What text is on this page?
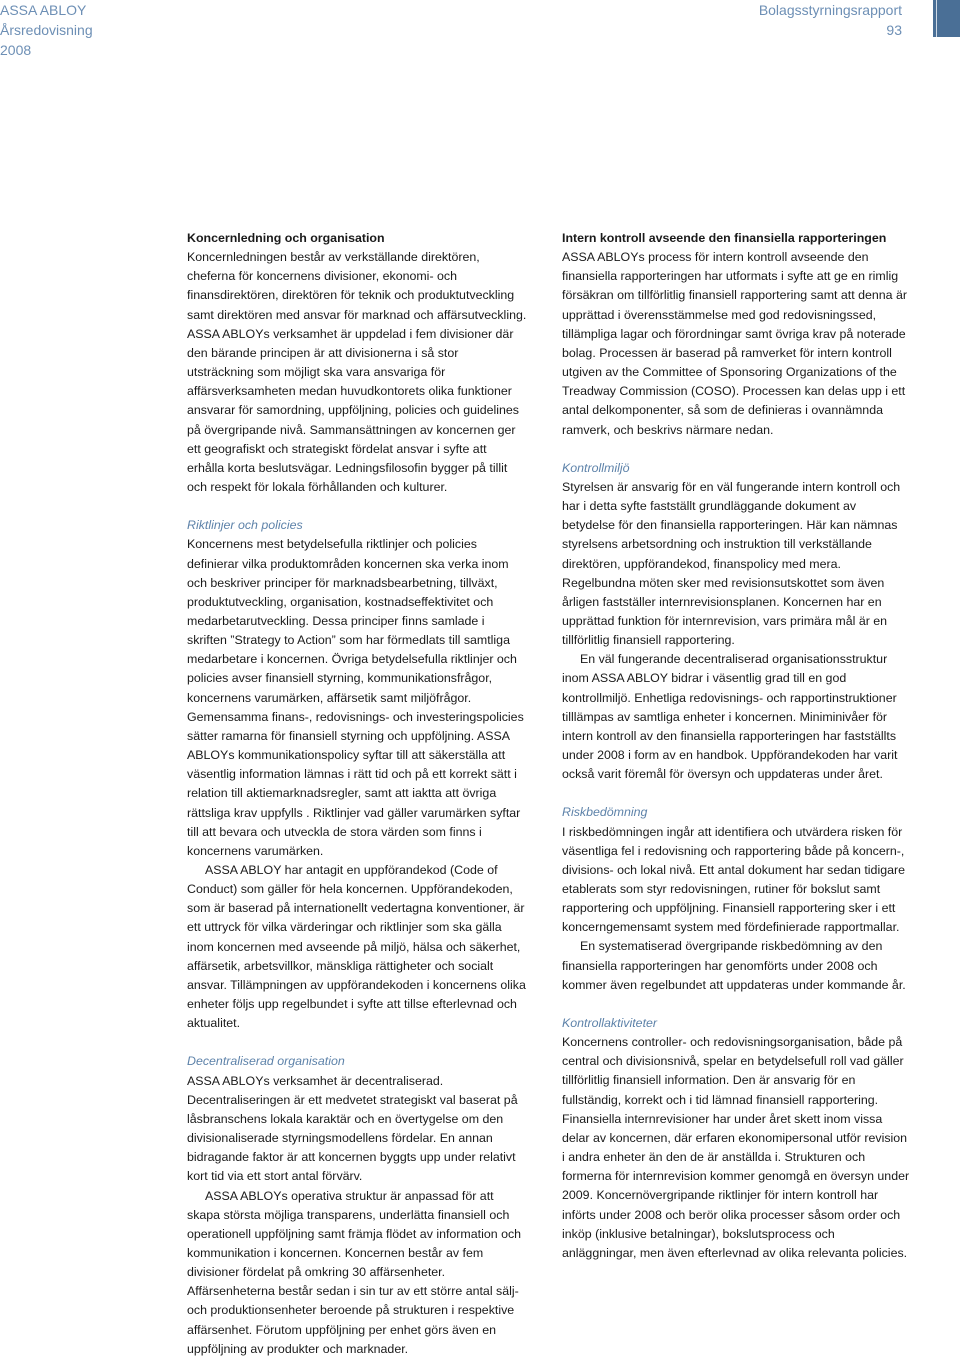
ASSA ABLOY
Årsredovisning
2008
Bolagsstyrningsrapport
93

Koncernledning och organisation

Koncernledningen består av verkställande direktören, cheferna för koncernens divisioner, ekonomi- och finansdirektören, direktören för teknik och produktutveckling samt direktören med ansvar för marknad och affärsutveckling. ASSA ABLOYs verksamhet är uppdelad i fem divisioner där den bärande principen är att divisionerna i så stor utsträckning som möjligt ska vara ansvariga för affärsverksamheten medan huvudkontorets olika funktioner ansvarar för samordning, uppföljning, policies och guidelines på övergripande nivå. Sammansättningen av koncernen ger ett geografiskt och strategiskt fördelat ansvar i syfte att erhålla korta beslutsvägar. Ledningsfilosofin bygger på tillit och respekt för lokala förhållanden och kulturer.

Riktlinjer och policies

Koncernens mest betydelsefulla riktlinjer och policies definierar vilka produktområden koncernen ska verka inom och beskriver principer för marknadsbearbetning, tillväxt, produktutveckling, organisation, kostnadseffektivitet och medarbetarutveckling. Dessa principer finns samlade i skriften ”Strategy to Action” som har förmedlats till samtliga medarbetare i koncernen. Övriga betydelsefulla riktlinjer och policies avser finansiell styrning, kommunikationsfrågor, koncernens varumärken, affärsetik samt miljöfrågor. Gemensamma finans-, redovisnings- och investeringspolicies sätter ramarna för finansiell styrning och uppföljning. ASSA ABLOYs kommunikationspolicy syftar till att säkerställa att väsentlig information lämnas i rätt tid och på ett korrekt sätt i relation till aktiemarknadsregler, samt att iaktta att övriga rättsliga krav uppfylls . Riktlinjer vad gäller varumärken syftar till att bevara och utveckla de stora värden som finns i koncernens varumärken.

ASSA ABLOY har antagit en uppförandekod (Code of Conduct) som gäller för hela koncernen. Uppförandekoden, som är baserad på internationellt vedertagna konventioner, är ett uttryck för vilka värderingar och riktlinjer som ska gälla inom koncernen med avseende på miljö, hälsa och säkerhet, affärsetik, arbetsvillkor, mänskliga rättigheter och socialt ansvar. Tillämpningen av uppförandekoden i koncernens olika enheter följs upp regelbundet i syfte att tillse efterlevnad och aktualitet.

Decentraliserad organisation

ASSA ABLOYs verksamhet är decentraliserad. Decentraliseringen är ett medvetet strategiskt val baserat på låsbranschens lokala karaktär och en övertygelse om den divisionaliserade styrningsmodellens fördelar. En annan bidragande faktor är att koncernen byggts upp under relativt kort tid via ett stort antal förvärv.

ASSA ABLOYs operativa struktur är anpassad för att skapa största möjliga transparens, underlätta finansiell och operationell uppföljning samt främja flödet av information och kommunikation i koncernen. Koncernen består av fem divisioner fördelat på omkring 30 affärsenheter. Affärsenheterna består sedan i sin tur av ett större antal sälj- och produktionsenheter beroende på strukturen i respektive affärsenhet. Förutom uppföljning per enhet görs även en uppföljning av produkter och marknader.

Intern kontroll avseende den finansiella rapporteringen

ASSA ABLOYs process för intern kontroll avseende den finansiella rapporteringen har utformats i syfte att ge en rimlig försäkran om tillförlitlig finansiell rapportering samt att denna är upprättad i överensstämmelse med god redovisningssed, tillämpliga lagar och förordningar samt övriga krav på noterade bolag. Processen är baserad på ramverket för intern kontroll utgiven av the Committee of Sponsoring Organizations of the Treadway Commission (COSO). Processen kan delas upp i ett antal delkomponenter, så som de definieras i ovannämnda ramverk, och beskrivs närmare nedan.

Kontrollmiljö

Styrelsen är ansvarig för en väl fungerande intern kontroll och har i detta syfte fastställt grundläggande dokument av betydelse för den finansiella rapporteringen. Här kan nämnas styrelsens arbetsordning och instruktion till verkställande direktören, uppförandekod, finanspolicy med mera. Regelbundna möten sker med revisionsutskottet som även årligen fastställer internrevisionsplanen. Koncernen har en upprättad funktion för internrevision, vars primära mål är en tillförlitlig finansiell rapportering.

En väl fungerande decentraliserad organisationsstruktur inom ASSA ABLOY bidrar i väsentlig grad till en god kontrollmiljö. Enhetliga redovisnings- och rapportinstruktioner tilllämpas av samtliga enheter i koncernen. Miniminivåer för intern kontroll av den finansiella rapporteringen har fastställts under 2008 i form av en handbok. Uppförandekoden har varit också varit föremål för översyn och uppdateras under året.

Riskbedömning

I riskbedömningen ingår att identifiera och utvärdera risken för väsentliga fel i redovisning och rapportering både på koncern-, divisions- och lokal nivå. Ett antal dokument har sedan tidigare etablerats som styr redovisningen, rutiner för bokslut samt rapportering och uppföljning. Finansiell rapportering sker i ett koncerngemensamt system med fördefinierade rapportmallar.

En systematiserad övergripande riskbedömning av den finansiella rapporteringen har genomförts under 2008 och kommer även regelbundet att uppdateras under kommande år.

Kontrollaktiviteter

Koncernens controller- och redovisningsorganisation, både på central och divisionsnivå, spelar en betydelsefull roll vad gäller tillförlitlig finansiell information. Den är ansvarig för en fullständig, korrekt och i tid lämnad finansiell rapportering. Finansiella internrevisioner har under året skett inom vissa delar av koncernen, där erfaren ekonomipersonal utför revision i andra enheter än den de är anställda i. Strukturen och formerna för internrevision kommer genomgå en översyn under 2009. Koncernövergripande riktlinjer för intern kontroll har införts under 2008 och berör olika processer såsom order och inköp (inklusive betalningar), bokslutsprocess och anläggningar, men även efterlevnad av olika relevanta policies.
